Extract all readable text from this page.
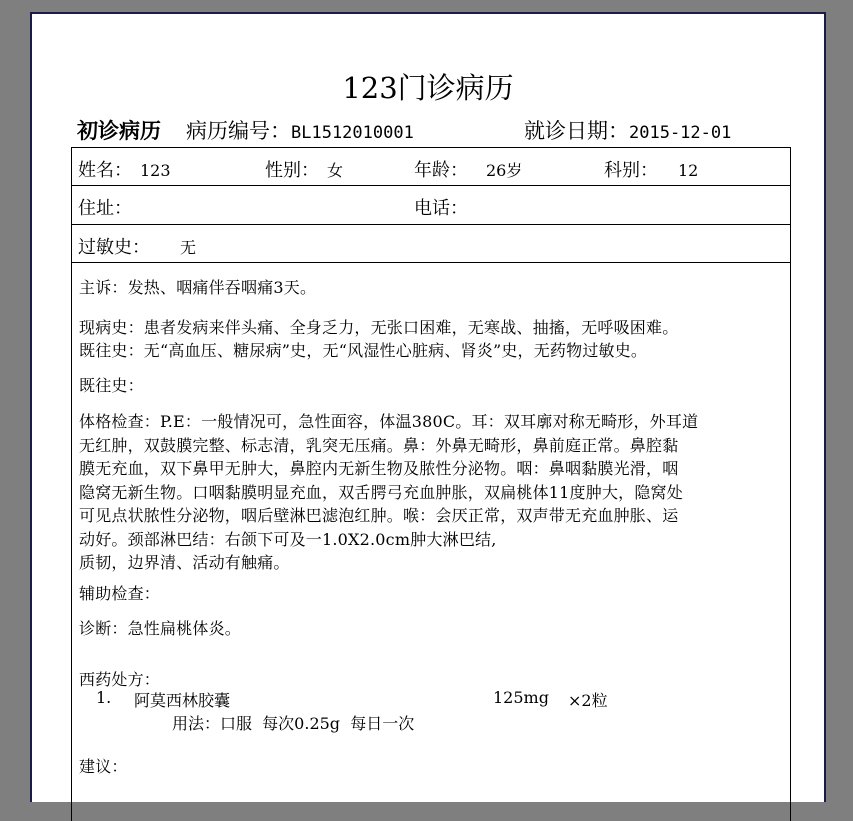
123门诊病历
初诊病历 病历编号：BL1512010001	就诊日期：2015-12-01
姓名： 123	性别： 女	年龄： 26岁	科别： 12
住址：	电话：
过敏史： 无
主诉：发热、咽痛伴吞咽痛3天。
现病史：患者发病来伴头痛、全身乏力，无张口困难，无寒战、抽搐，无呼吸困难。
既往史：无“高血压、糖尿病”史，无“风湿性心脏病、肾炎”史，无药物过敏史。
既往史：
体格检查：P.E：一般情况可，急性面容，体温380C。耳：双耳廓对称无畸形，外耳道
无红肿，双鼓膜完整、标志清，乳突无压痛。鼻：外鼻无畸形，鼻前庭正常。鼻腔黏
膜无充血，双下鼻甲无肿大，鼻腔内无新生物及脓性分泌物。咽：鼻咽黏膜光滑，咽
隐窝无新生物。口咽黏膜明显充血，双舌腭弓充血肿胀，双扁桃体11度肿大，隐窝处
可见点状脓性分泌物，咽后壁淋巴滤泡红肿。喉：会厌正常，双声带无充血肿胀、运
动好。颈部淋巴结：右颌下可及一1.0X2.0cm肿大淋巴结,
质韧，边界清、活动有触痛。
辅助检查：
诊断：急性扁桃体炎。
西药处方：
1. 阿莫西林胶囊	125mg ×2粒
用法：口服  每次0.25g  每日一次
建议：
